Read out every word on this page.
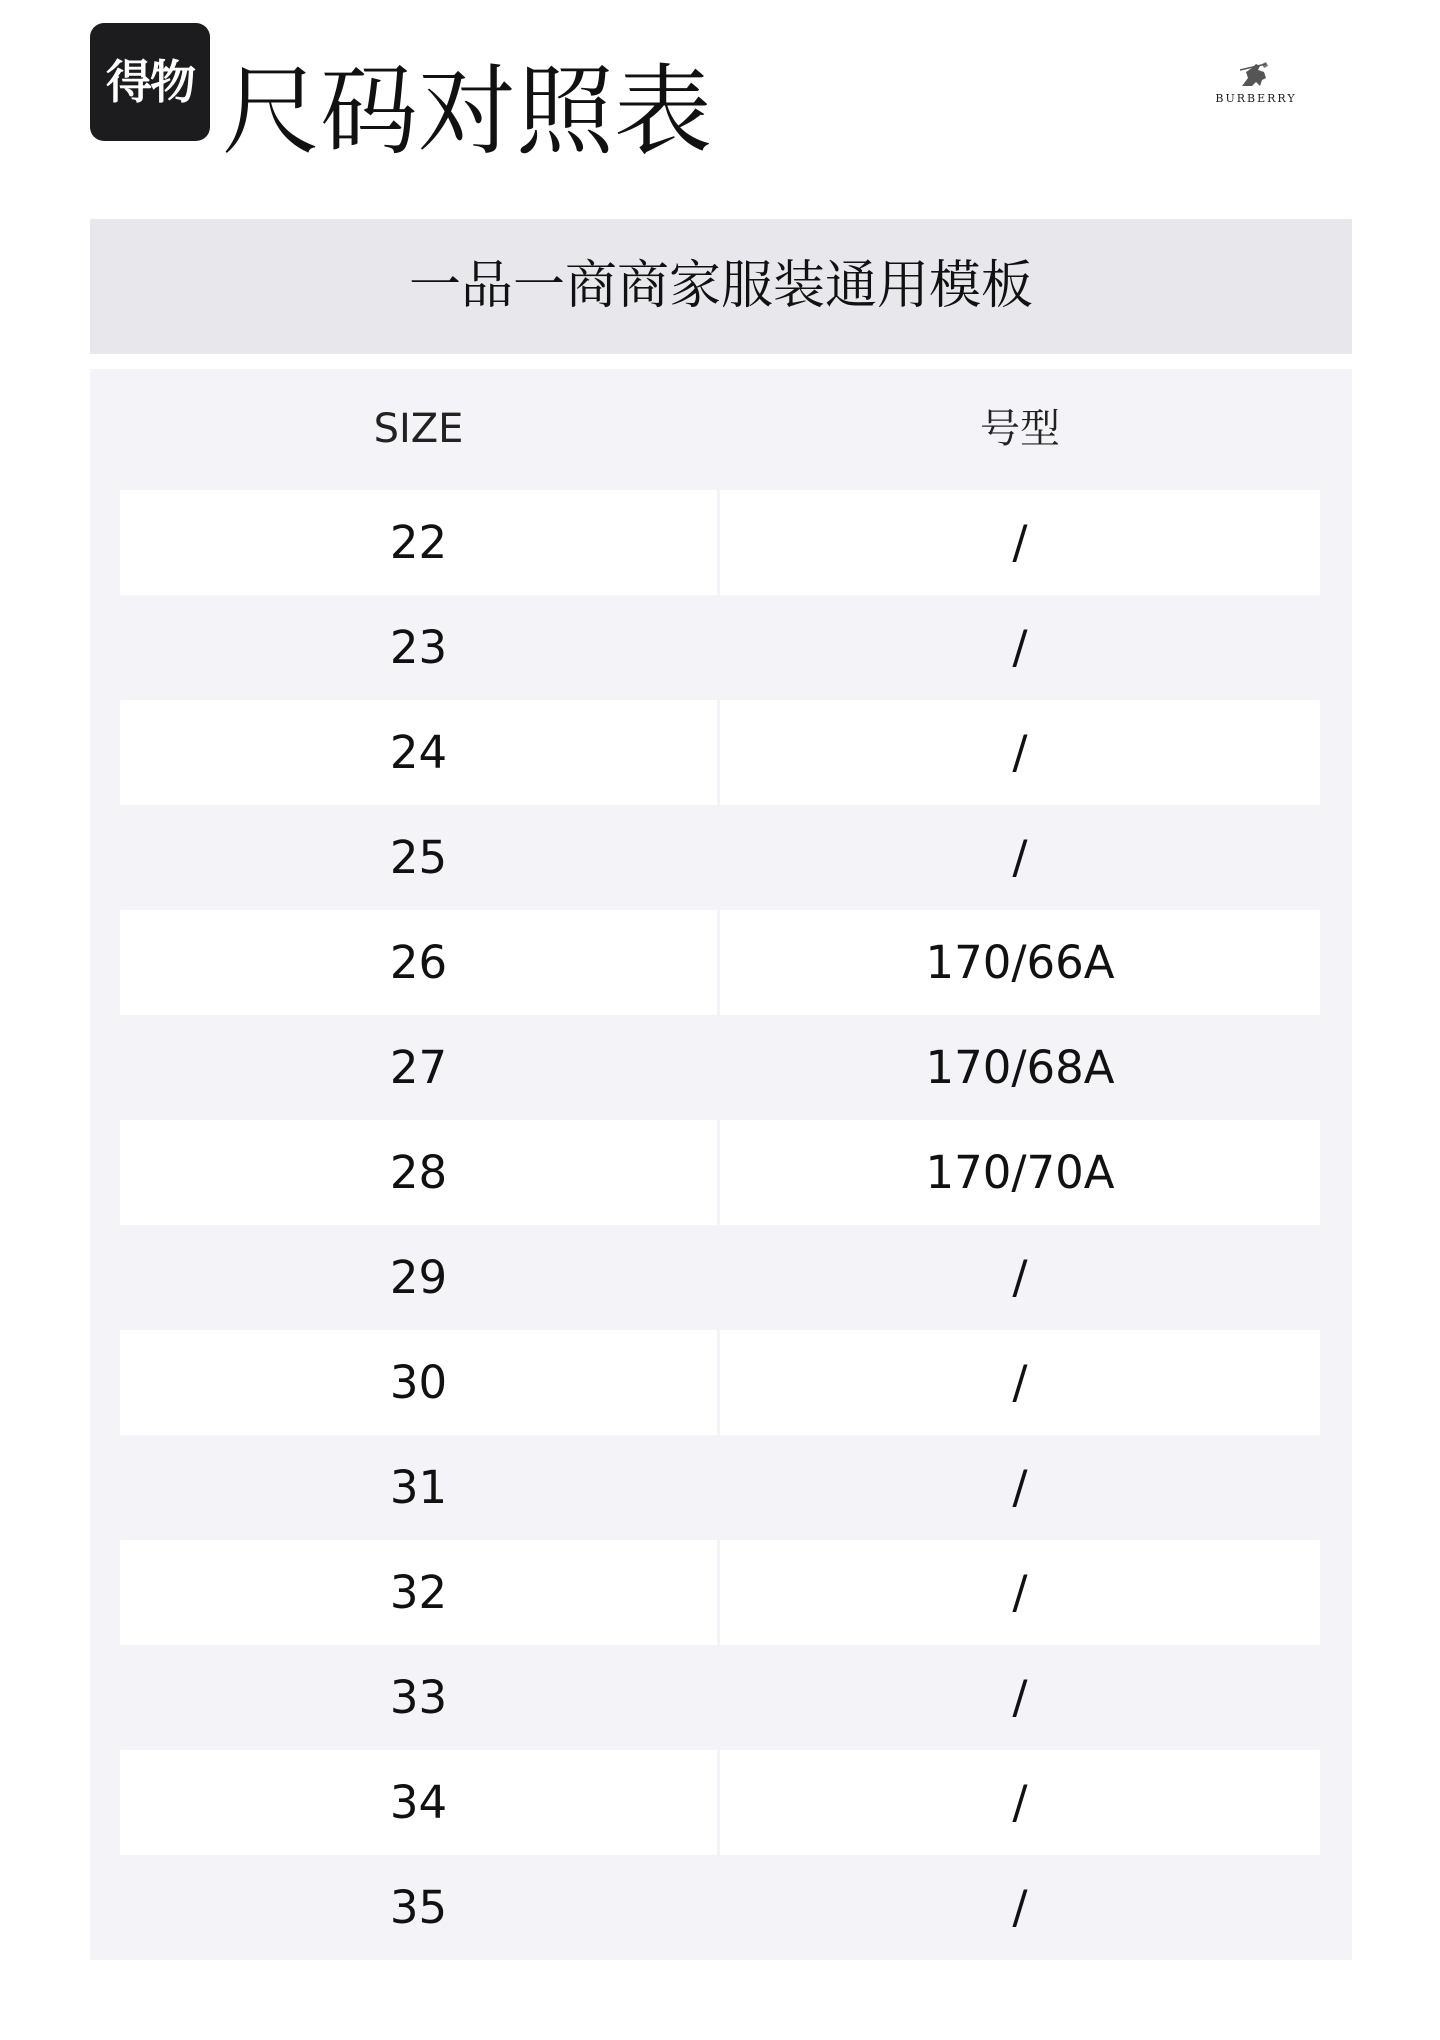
得物 尺码对照表	BURBERRY
一品一商商家服装通用模板
SIZE	号型
22	/
23	/
24	/
25	/
26	170/66A
27	170/68A
28	170/70A
29	/
30	/
31	/
32	/
33	/
34	/
35	/
